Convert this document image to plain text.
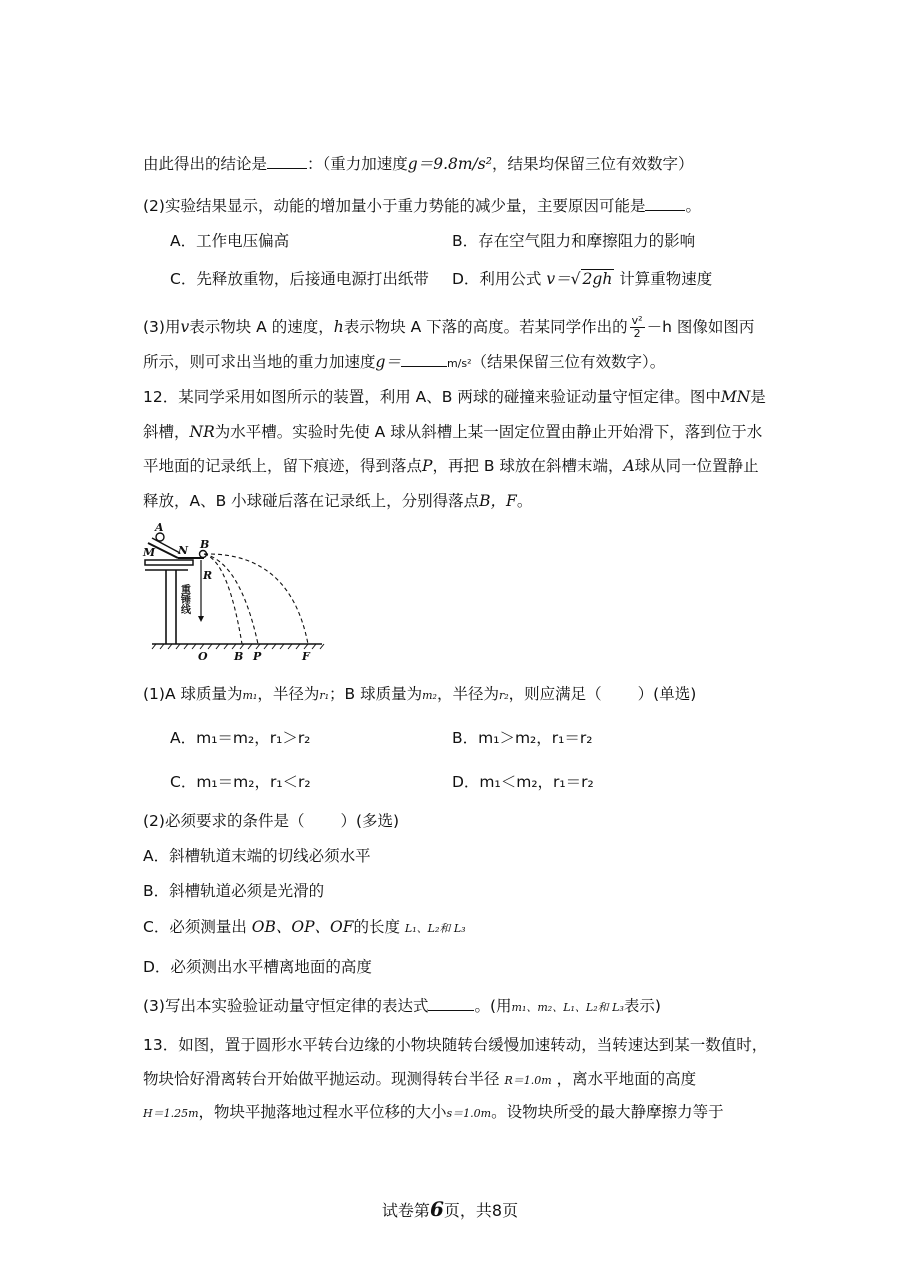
由此得出的结论是	：（重力加速度g＝9.8m/s²，结果均保留三位有效数字）
(2)实验结果显示，动能的增加量小于重力势能的减少量，主要原因可能是	。
A．工作电压偏高	B．存在空气阻力和摩擦阻力的影响
C．先释放重物，后接通电源打出纸带 D．利用公式 v＝√ 2gh 计算重物速度
(3)用v表示物块 A 的速度，h表示物块 A 下落的高度。若某同学作出的 $\frac{\text{v²}}{2} -h$ 图像如图丙
所示，则可求出当地的重力加速度g＝	m/s²（结果保留三位有效数字）。
12．某同学采用如图所示的装置，利用 A、B 两球的碰撞来验证动量守恒定律。图中MN是
斜槽，NR为水平槽。实验时先使 A 球从斜槽上某一固定位置由静止开始滑下，落到位于水
平地面的记录纸上，留下痕迹，得到落点P，再把 B 球放在斜槽末端，A球从同一位置静止
释放，A、B 小球碰后落在记录纸上，分别得落点B，F。
A
M N B
R
O B P	F
重锤线
(1)A 球质量为m₁，半径为r₁；B 球质量为m₂，半径为r₂，则应满足（ ）(单选)
A．m₁＝m₂，r₁＞r₂	B．m₁＞m₂，r₁＝r₂
C．m₁＝m₂，r₁＜r₂	D．m₁＜m₂，r₁＝r₂
(2)必须要求的条件是（ ）(多选)
A．斜槽轨道末端的切线必须水平
B．斜槽轨道必须是光滑的
C．必须测量出 OB、OP、OF的长度 L₁、L₂和 L₃
D．必须测出水平槽离地面的高度
(3)写出本实验验证动量守恒定律的表达式	。(用m₁、m₂、L₁、L₂和 L₃表示)
13．如图，置于圆形水平转台边缘的小物块随转台缓慢加速转动，当转速达到某一数值时，
物块恰好滑离转台开始做平抛运动。现测得转台半径 R＝1.0m ，离水平地面的高度
H＝1.25m，物块平抛落地过程水平位移的大小s＝1.0m。设物块所受的最大静摩擦力等于
试卷第6页，共8页
